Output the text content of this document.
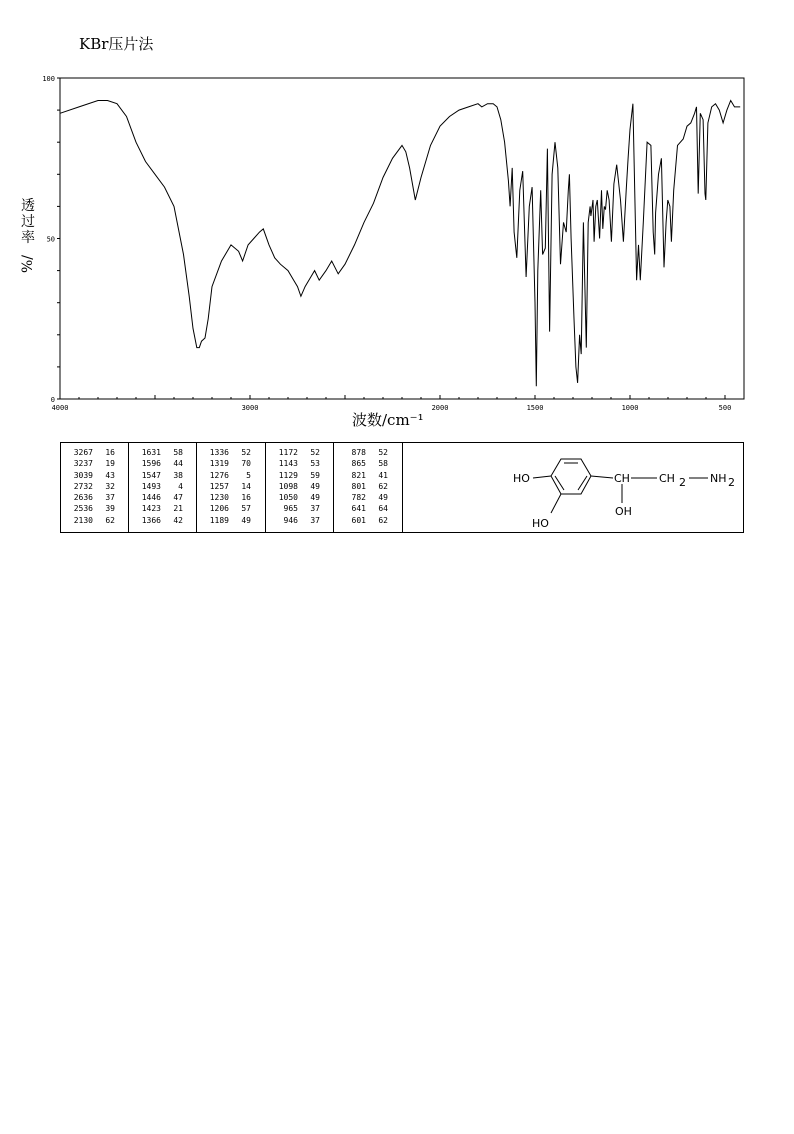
KBr压片法
0
50
100
4000	3000	2000	1500	1000	500
透
过
率

%/
波数/cm⁻¹
3267 16
3237 19
3039 43
2732 32
2636 37
2536 39
2130 62
1631 58
1596 44
1547 38
1493 4
1446 47
1423 21
1366 42
1336 52
1319 70
1276 5
1257 14
1230 16
1206 57
1189 49
1172 52
1143 53
1129 59
1098 49
1050 49
965 37
946 37
878 52
865 58
821 41
801 62
782 49
641 64
601 62
HO
HO
CH	CH 2 NH 2
OH
